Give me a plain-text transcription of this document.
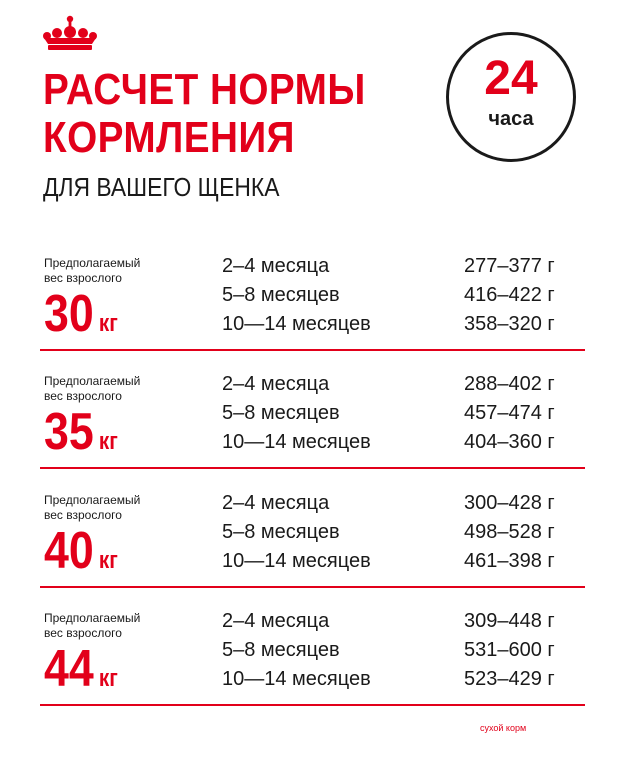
РАСЧЕТ НОРМЫ
КОРМЛЕНИЯ
ДЛЯ ВАШЕГО ЩЕНКА
24
часа
Предполагаемый
вес взрослого
30 кг
2–4 месяца	277–377 г
5–8 месяцев	416–422 г
10—14 месяцев	358–320 г
Предполагаемый
вес взрослого
35 кг
2–4 месяца	288–402 г
5–8 месяцев	457–474 г
10—14 месяцев	404–360 г
Предполагаемый
вес взрослого
40 кг
2–4 месяца	300–428 г
5–8 месяцев	498–528 г
10—14 месяцев	461–398 г
Предполагаемый
вес взрослого
44 кг
2–4 месяца	309–448 г
5–8 месяцев	531–600 г
10—14 месяцев	523–429 г
сухой корм
